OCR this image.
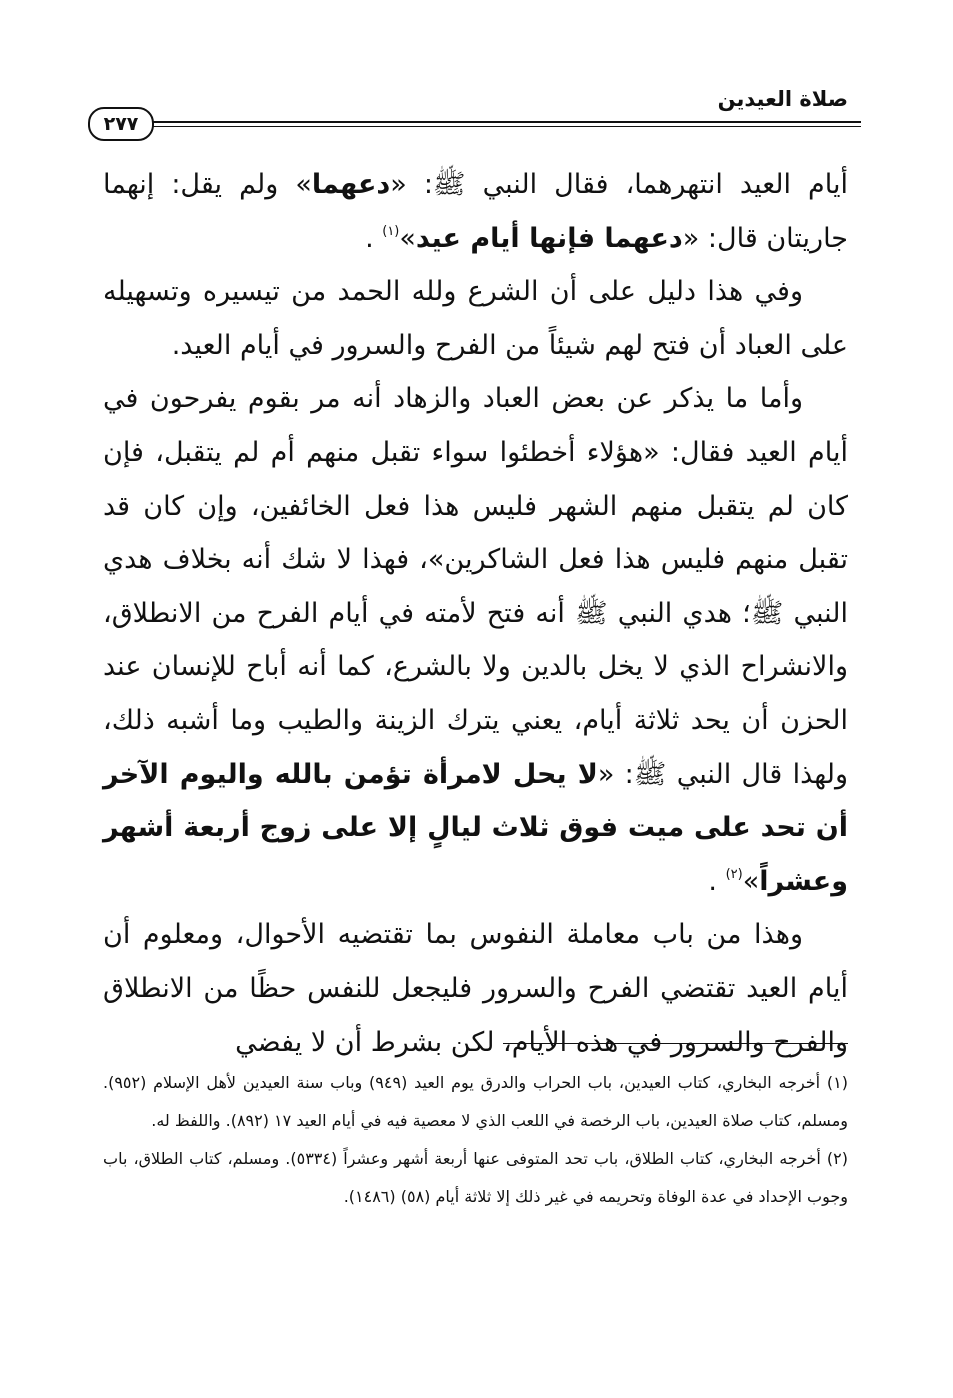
صلاة العيدين
٢٧٧

أيام العيد انتهرهما، فقال النبي ﷺ: «دعهما» ولم يقل: إنهما جاريتان قال: «دعهما فإنها أيام عيد»$^{(١)}$ .

وفي هذا دليل على أن الشرع ولله الحمد من تيسيره وتسهيله على العباد أن فتح لهم شيئاً من الفرح والسرور في أيام العيد.

وأما ما يذكر عن بعض العباد والزهاد أنه مر بقوم يفرحون في أيام العيد فقال: «هؤلاء أخطئوا سواء تقبل منهم أم لم يتقبل، فإن كان لم يتقبل منهم الشهر فليس هذا فعل الخائفين، وإن كان قد تقبل منهم فليس هذا فعل الشاكرين»، فهذا لا شك أنه بخلاف هدي النبي ﷺ؛ هدي النبي ﷺ أنه فتح لأمته في أيام الفرح من الانطلاق، والانشراح الذي لا يخل بالدين ولا بالشرع، كما أنه أباح للإنسان عند الحزن أن يحد ثلاثة أيام، يعني يترك الزينة والطيب وما أشبه ذلك، ولهذا قال النبي ﷺ: «لا يحل لامرأة تؤمن بالله واليوم الآخر أن تحد على ميت فوق ثلاث ليالٍ إلا على زوج أربعة أشهر وعشراً»$^{(٢)}$ .

وهذا من باب معاملة النفوس بما تقتضيه الأحوال، ومعلوم أن أيام العيد تقتضي الفرح والسرور فليجعل للنفس حظًا من الانطلاق والفرح والسرور في هذه الأيام، لكن بشرط أن لا يفضي

(١) أخرجه البخاري، كتاب العيدين، باب الحراب والدرق يوم العيد (٩٤٩) وباب سنة العيدين لأهل الإسلام (٩٥٢). ومسلم، كتاب صلاة العيدين، باب الرخصة في اللعب الذي لا معصية فيه في أيام العيد ١٧ (٨٩٢). واللفظ له.

(٢) أخرجه البخاري، كتاب الطلاق، باب تحد المتوفى عنها أربعة أشهر وعشراً (٥٣٣٤). ومسلم، كتاب الطلاق، باب وجوب الإحداد في عدة الوفاة وتحريمه في غير ذلك إلا ثلاثة أيام (٥٨) (١٤٨٦).
